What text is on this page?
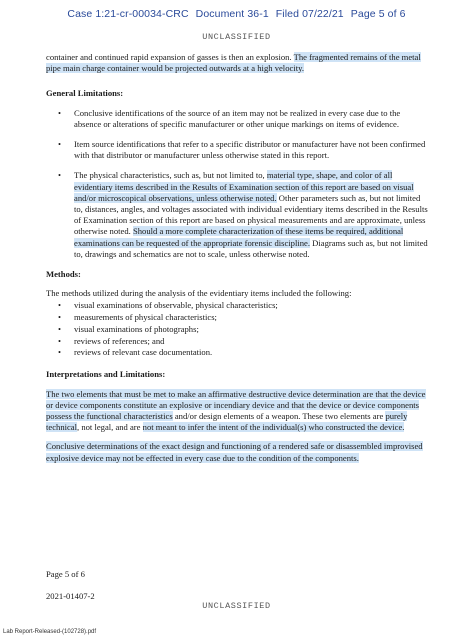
Case 1:21-cr-00034-CRC Document 36-1 Filed 07/22/21 Page 5 of 6
UNCLASSIFIED

container and continued rapid expansion of gasses is then an explosion. The fragmented remains of the metal pipe main charge container would be projected outwards at a high velocity.

General Limitations:

• Conclusive identifications of the source of an item may not be realized in every case due to the absence or alterations of specific manufacturer or other unique markings on items of evidence.
• Item source identifications that refer to a specific distributor or manufacturer have not been confirmed with that distributor or manufacturer unless otherwise stated in this report.
• The physical characteristics, such as, but not limited to, material type, shape, and color of all evidentiary items described in the Results of Examination section of this report are based on visual and/or microscopical observations, unless otherwise noted. Other parameters such as, but not limited to, distances, angles, and voltages associated with individual evidentiary items described in the Results of Examination section of this report are based on physical measurements and are approximate, unless otherwise noted. Should a more complete characterization of these items be required, additional examinations can be requested of the appropriate forensic discipline. Diagrams such as, but not limited to, drawings and schematics are not to scale, unless otherwise noted.

Methods:

The methods utilized during the analysis of the evidentiary items included the following:

• visual examinations of observable, physical characteristics;
• measurements of physical characteristics;
• visual examinations of photographs;
• reviews of references; and
• reviews of relevant case documentation.

Interpretations and Limitations:

The two elements that must be met to make an affirmative destructive device determination are that the device or device components constitute an explosive or incendiary device and that the device or device components possess the functional characteristics and/or design elements of a weapon. These two elements are purely technical, not legal, and are not meant to infer the intent of the individual(s) who constructed the device.

Conclusive determinations of the exact design and functioning of a rendered safe or disassembled improvised explosive device may not be effected in every case due to the condition of the components.

Page 5 of 6
2021-01407-2
UNCLASSIFIED
Lab Report-Released-(102728).pdf
